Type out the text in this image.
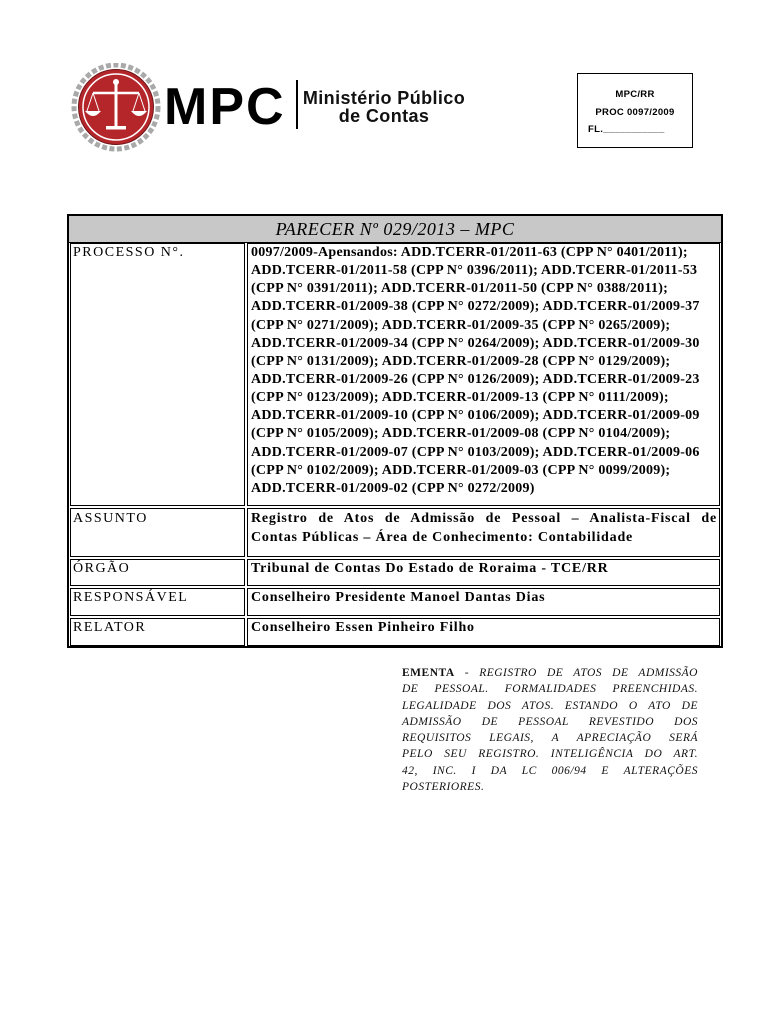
MPC Ministério Público
de Contas
MPC/RR
PROC 0097/2009
FL.___________
PARECER Nº 029/2013 – MPC
PROCESSO N°.	0097/2009-Apensandos: ADD.TCERR-01/2011-63 (CPP N° 0401/2011);
ADD.TCERR-01/2011-58 (CPP N° 0396/2011); ADD.TCERR-01/2011-53
(CPP N° 0391/2011); ADD.TCERR-01/2011-50 (CPP N° 0388/2011);
ADD.TCERR-01/2009-38 (CPP N° 0272/2009); ADD.TCERR-01/2009-37
(CPP N° 0271/2009); ADD.TCERR-01/2009-35 (CPP N° 0265/2009);
ADD.TCERR-01/2009-34 (CPP N° 0264/2009); ADD.TCERR-01/2009-30
(CPP N° 0131/2009); ADD.TCERR-01/2009-28 (CPP N° 0129/2009);
ADD.TCERR-01/2009-26 (CPP N° 0126/2009); ADD.TCERR-01/2009-23
(CPP N° 0123/2009); ADD.TCERR-01/2009-13 (CPP N° 0111/2009);
ADD.TCERR-01/2009-10 (CPP N° 0106/2009); ADD.TCERR-01/2009-09
(CPP N° 0105/2009); ADD.TCERR-01/2009-08 (CPP N° 0104/2009);
ADD.TCERR-01/2009-07 (CPP N° 0103/2009); ADD.TCERR-01/2009-06
(CPP N° 0102/2009); ADD.TCERR-01/2009-03 (CPP N° 0099/2009);
ADD.TCERR-01/2009-02 (CPP N° 0272/2009)
ASSUNTO	Registro de Atos de Admissão de Pessoal – Analista-Fiscal de
Contas Públicas – Área de Conhecimento: Contabilidade
ÓRGÃO	Tribunal de Contas Do Estado de Roraima - TCE/RR
RESPONSÁVEL	Conselheiro Presidente Manoel Dantas Dias
RELATOR	Conselheiro Essen Pinheiro Filho
EMENTA - REGISTRO DE ATOS DE ADMISSÃO
DE PESSOAL. FORMALIDADES PREENCHIDAS.
LEGALIDADE DOS ATOS. ESTANDO O ATO DE
ADMISSÃO DE PESSOAL REVESTIDO DOS
REQUISITOS LEGAIS, A APRECIAÇÃO SERÁ
PELO SEU REGISTRO. INTELIGÊNCIA DO ART.
42, INC. I DA LC 006/94 E ALTERAÇÕES
POSTERIORES.
